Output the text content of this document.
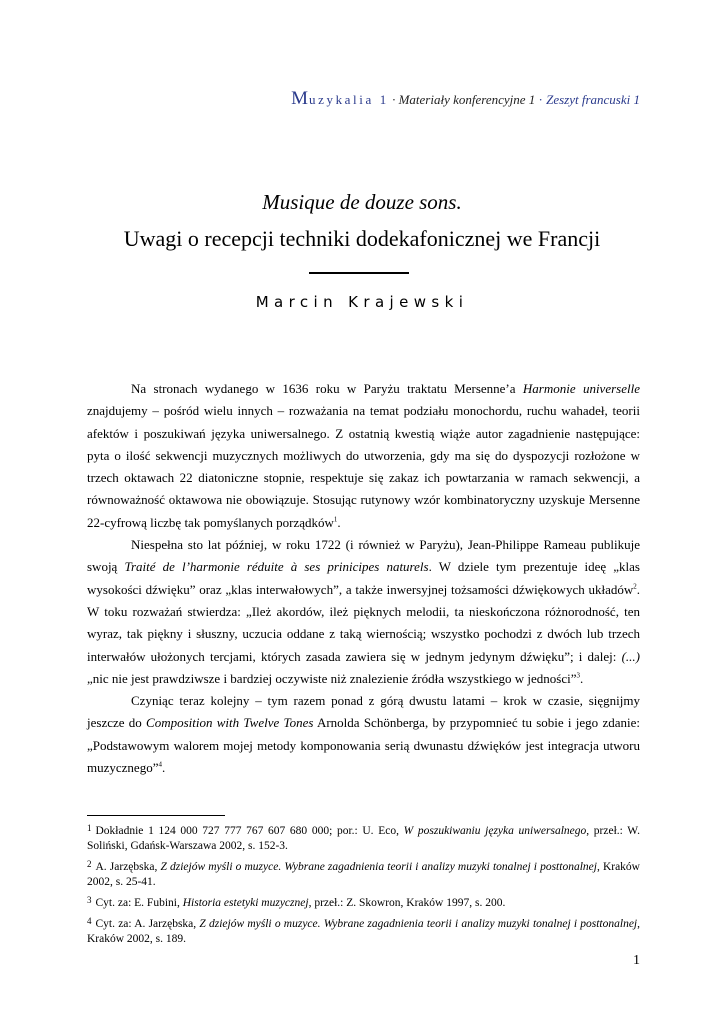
Muzykalia 1 · Materiały konferencyjne 1 · Zeszyt francuski 1
Musique de douze sons.
Uwagi o recepcji techniki dodekafonicznej we Francji
Marcin Krajewski

Na stronach wydanego w 1636 roku w Paryżu traktatu Mersenne’a Harmonie universelle znajdujemy – pośród wielu innych – rozważania na temat podziału monochordu, ruchu wahadeł, teorii afektów i poszukiwań języka uniwersalnego. Z ostatnią kwestią wiąże autor zagadnienie następujące: pyta o ilość sekwencji muzycznych możliwych do utworzenia, gdy ma się do dyspozycji rozłożone w trzech oktawach 22 diatoniczne stopnie, respektuje się zakaz ich powtarzania w ramach sekwencji, a równoważność oktawowa nie obowiązuje. Stosując rutynowy wzór kombinatoryczny uzyskuje Mersenne 22-cyfrową liczbę tak pomyślanych porządków$^1$.

Niespełna sto lat później, w roku 1722 (i również w Paryżu), Jean-Philippe Rameau publikuje swoją Traité de l’harmonie réduite à ses prinicipes naturels. W dziele tym prezentuje ideę „klas wysokości dźwięku” oraz „klas interwałowych”, a także inwersyjnej tożsamości dźwiękowych układów$^2$. W toku rozważań stwierdza: „Ileż akordów, ileż pięknych melodii, ta nieskończona różnorodność, ten wyraz, tak piękny i słuszny, uczucia oddane z taką wiernością; wszystko pochodzi z dwóch lub trzech interwałów ułożonych tercjami, których zasada zawiera się w jednym jedynym dźwięku”; i dalej: (...) „nic nie jest prawdziwsze i bardziej oczywiste niż znalezienie źródła wszystkiego w jedności”$^3$.

Czyniąc teraz kolejny – tym razem ponad z górą dwustu latami – krok w czasie, sięgnijmy jeszcze do Composition with Twelve Tones Arnolda Schönberga, by przypomnieć tu sobie i jego zdanie: „Podstawowym walorem mojej metody komponowania serią dwunastu dźwięków jest integracja utworu muzycznego”$^4$.

$^1$ Dokładnie 1 124 000 727 777 767 607 680 000; por.: U. Eco, W poszukiwaniu języka uniwersalnego, przeł.: W. Soliński, Gdańsk-Warszawa 2002, s. 152-3.
$^2$ A. Jarzębska, Z dziejów myśli o muzyce. Wybrane zagadnienia teorii i analizy muzyki tonalnej i posttonalnej, Kraków 2002, s. 25-41.
$^3$ Cyt. za: E. Fubini, Historia estetyki muzycznej, przeł.: Z. Skowron, Kraków 1997, s. 200.
$^4$ Cyt. za: A. Jarzębska, Z dziejów myśli o muzyce. Wybrane zagadnienia teorii i analizy muzyki tonalnej i posttonalnej, Kraków 2002, s. 189.
1
